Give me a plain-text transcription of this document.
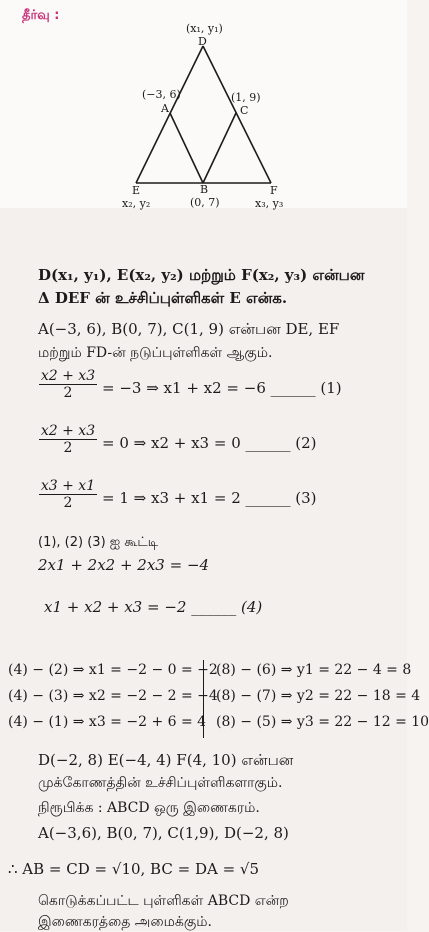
தீர்வு :
(x₁, y₁)
D
(−3, 6)
A
(1, 9)
C
E
x₂, y₂
B
(0, 7)
F
x₃, y₃
D(x₁, y₁), E(x₂, y₂) மற்றும் F(x₂, y₃) என்பன
Δ DEF ன் உச்சிப்புள்ளிகள் E என்க.
A(−3, 6), B(0, 7), C(1, 9) என்பன DE, EF
மற்றும் FD-ன் நடுப்புள்ளிகள் ஆகும்.
x2 + x3
2	= −3 ⇒ x1 + x2 = −6 ______ (1)
x2 + x3
2	= 0 ⇒ x2 + x3 = 0 ______ (2)
x3 + x1
2	= 1 ⇒ x3 + x1 = 2 ______ (3)
(1), (2) (3) ஐ கூட்டி
2x1 + 2x2 + 2x3 = −4
x1 + x2 + x3 = −2 ______ (4)
(4) − (2) ⇒ x1 = −2 − 0 = −2
(4) − (3) ⇒ x2 = −2 − 2 = −4
(4) − (1) ⇒ x3 = −2 + 6 = 4
(8) − (6) ⇒ y1 = 22 − 4 = 8
(8) − (7) ⇒ y2 = 22 − 18 = 4
(8) − (5) ⇒ y3 = 22 − 12 = 10
D(−2, 8) E(−4, 4) F(4, 10) என்பன
முக்கோணத்தின் உச்சிப்புள்ளிகளாகும்.
நிரூபிக்க : ABCD ஒரு இணைகரம்.
A(−3,6), B(0, 7), C(1,9), D(−2, 8)
∴ AB = CD = √10, BC = DA = √5
கொடுக்கப்பட்ட புள்ளிகள் ABCD என்ற
இணைகரத்தை அமைக்கும்.
